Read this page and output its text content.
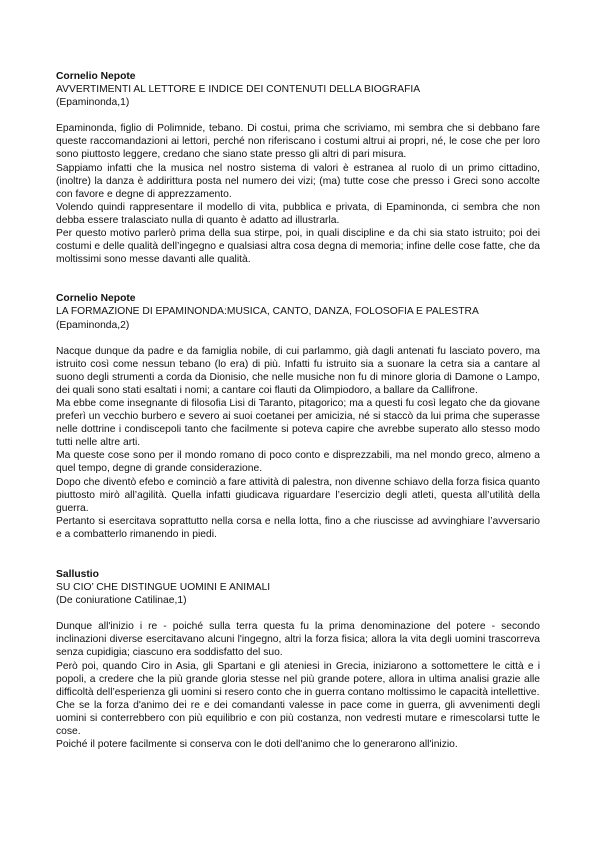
Cornelio Nepote
AVVERTIMENTI AL LETTORE E INDICE DEI CONTENUTI DELLA BIOGRAFIA
(Epaminonda,1)

Epaminonda, figlio di Polimnide, tebano. Di costui, prima che scriviamo, mi sembra che si debbano fare queste raccomandazioni ai lettori, perché non riferiscano i costumi altrui ai propri, né, le cose che per loro sono piuttosto leggere, credano che siano state presso gli altri di pari misura.

Sappiamo infatti che la musica nel nostro sistema di valori è estranea al ruolo di un primo cittadino, (inoltre) la danza è addirittura posta nel numero dei vizi; (ma) tutte cose che presso i Greci sono accolte con favore e degne di apprezzamento.

Volendo quindi rappresentare il modello di vita, pubblica e privata, di Epaminonda, ci sembra che non debba essere tralasciato nulla di quanto è adatto ad illustrarla.

Per questo motivo parlerò prima della sua stirpe, poi, in quali discipline e da chi sia stato istruito; poi dei costumi e delle qualità dell’ingegno e qualsiasi altra cosa degna di memoria; infine delle cose fatte, che da moltissimi sono messe davanti alle qualità.

Cornelio Nepote
LA FORMAZIONE DI EPAMINONDA:MUSICA, CANTO, DANZA, FOLOSOFIA E PALESTRA
(Epaminonda,2)

Nacque dunque da padre e da famiglia nobile, di cui parlammo, già dagli antenati fu lasciato povero, ma istruito così come nessun tebano (lo era) di più. Infatti fu istruito sia a suonare la cetra sia a cantare al suono degli strumenti a corda da Dionisio, che nelle musiche non fu di minore gloria di Damone o Lampo, dei quali sono stati esaltati i nomi; a cantare coi flauti da Olimpiodoro, a ballare da Callifrone.

Ma ebbe come insegnante di filosofia Lisi di Taranto, pitagorico; ma a questi fu così legato che da giovane preferì un vecchio burbero e severo ai suoi coetanei per amicizia, né si staccò da lui prima che superasse nelle dottrine i condiscepoli tanto che facilmente si poteva capire che avrebbe superato allo stesso modo tutti nelle altre arti.

Ma queste cose sono per il mondo romano di poco conto e disprezzabili, ma nel mondo greco, almeno a quel tempo, degne di grande considerazione.

Dopo che diventò efebo e cominciò a fare attività di palestra, non divenne schiavo della forza fisica quanto piuttosto mirò all’agilità. Quella infatti giudicava riguardare l’esercizio degli atleti, questa all’utilità della guerra.

Pertanto si esercitava soprattutto nella corsa e nella lotta, fino a che riuscisse ad avvinghiare l’avversario e a combatterlo rimanendo in piedi.

Sallustio
SU CIO’ CHE DISTINGUE UOMINI E ANIMALI
(De coniuratione Catilinae,1)

Dunque all'inizio i re - poiché sulla terra questa fu la prima denominazione del potere - secondo inclinazioni diverse esercitavano alcuni l'ingegno, altri la forza fisica; allora la vita degli uomini trascorreva senza cupidigia; ciascuno era soddisfatto del suo.

Però poi, quando Ciro in Asia, gli Spartani e gli ateniesi in Grecia, iniziarono a sottomettere le città e i popoli, a credere che la più grande gloria stesse nel più grande potere, allora in ultima analisi grazie alle difficoltà dell’esperienza gli uomini si resero conto che in guerra contano moltissimo le capacità intellettive.

Che se la forza d'animo dei re e dei comandanti valesse in pace come in guerra, gli avvenimenti degli uomini si conterrebbero con più equilibrio e con più costanza, non vedresti mutare e rimescolarsi tutte le cose.

Poiché il potere facilmente si conserva con le doti dell'animo che lo generarono all'inizio.
